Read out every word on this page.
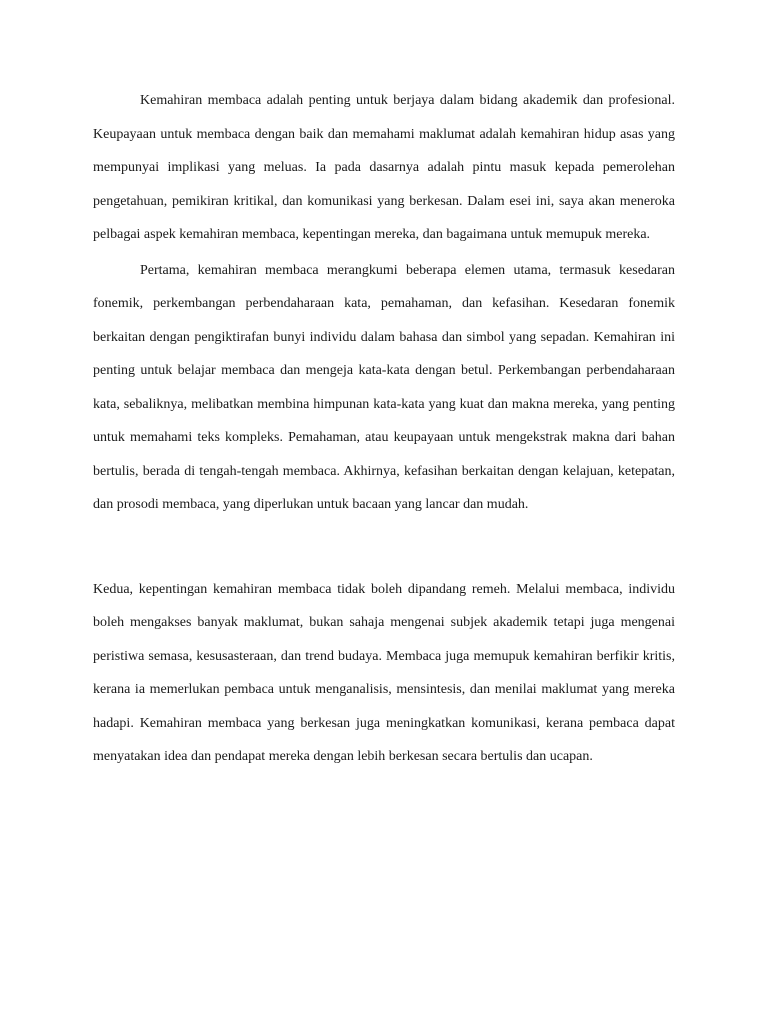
Kemahiran membaca adalah penting untuk berjaya dalam bidang akademik dan profesional. Keupayaan untuk membaca dengan baik dan memahami maklumat adalah kemahiran hidup asas yang mempunyai implikasi yang meluas. Ia pada dasarnya adalah pintu masuk kepada pemerolehan pengetahuan, pemikiran kritikal, dan komunikasi yang berkesan. Dalam esei ini, saya akan meneroka pelbagai aspek kemahiran membaca, kepentingan mereka, dan bagaimana untuk memupuk mereka.

Pertama, kemahiran membaca merangkumi beberapa elemen utama, termasuk kesedaran fonemik, perkembangan perbendaharaan kata, pemahaman, dan kefasihan. Kesedaran fonemik berkaitan dengan pengiktirafan bunyi individu dalam bahasa dan simbol yang sepadan. Kemahiran ini penting untuk belajar membaca dan mengeja kata-kata dengan betul. Perkembangan perbendaharaan kata, sebaliknya, melibatkan membina himpunan kata-kata yang kuat dan makna mereka, yang penting untuk memahami teks kompleks. Pemahaman, atau keupayaan untuk mengekstrak makna dari bahan bertulis, berada di tengah-tengah membaca. Akhirnya, kefasihan berkaitan dengan kelajuan, ketepatan, dan prosodi membaca, yang diperlukan untuk bacaan yang lancar dan mudah.

Kedua, kepentingan kemahiran membaca tidak boleh dipandang remeh. Melalui membaca, individu boleh mengakses banyak maklumat, bukan sahaja mengenai subjek akademik tetapi juga mengenai peristiwa semasa, kesusasteraan, dan trend budaya. Membaca juga memupuk kemahiran berfikir kritis, kerana ia memerlukan pembaca untuk menganalisis, mensintesis, dan menilai maklumat yang mereka hadapi. Kemahiran membaca yang berkesan juga meningkatkan komunikasi, kerana pembaca dapat menyatakan idea dan pendapat mereka dengan lebih berkesan secara bertulis dan ucapan.
